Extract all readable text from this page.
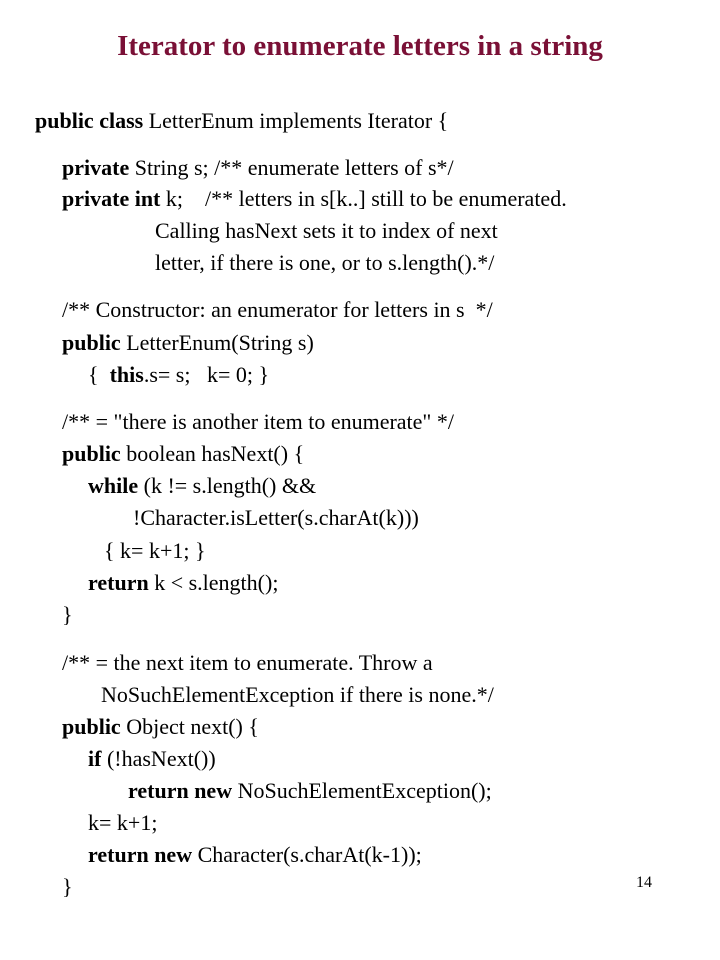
Iterator to enumerate letters in a string
public class LetterEnum implements Iterator {
private String s; /** enumerate letters of s*/
private int k;    /** letters in s[k..] still to be enumerated.
Calling hasNext sets it to index of next
letter, if there is one, or to s.length().*/
/** Constructor: an enumerator for letters in s  */
public LetterEnum(String s)
{  this.s= s;   k= 0; }
/** = "there is another item to enumerate" */
public boolean hasNext() {
while (k != s.length() &&
!Character.isLetter(s.charAt(k)))
{ k= k+1; }
return k < s.length();
}
/** = the next item to enumerate. Throw a
NoSuchElementException if there is none.*/
public Object next() {
if (!hasNext())
return new NoSuchElementException();
k= k+1;
return new Character(s.charAt(k-1));
}	14
